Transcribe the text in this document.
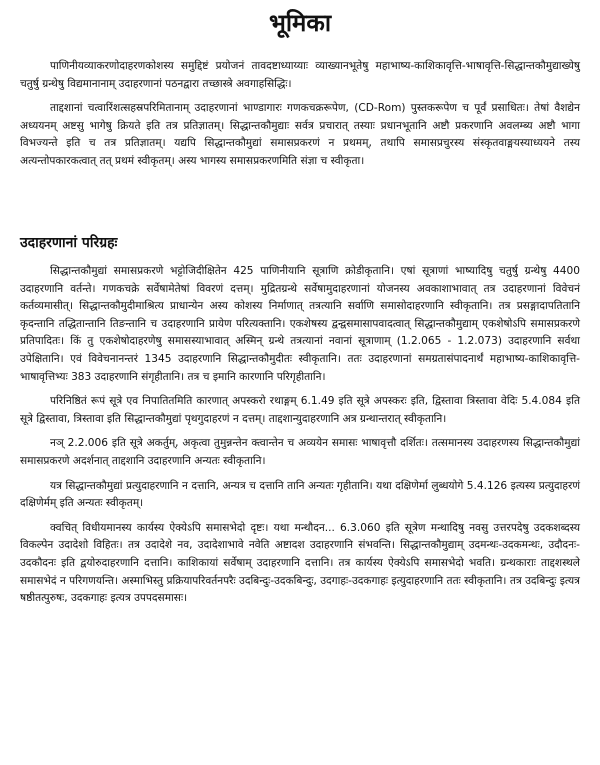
भूमिका

पाणिनीयव्याकरणोदाहरणकोशस्य समुद्दिष्टं प्रयोजनं तावदष्टाध्याय्याः व्याख्यानभूतेषु महाभाष्य-काशिकावृत्ति-भाषावृत्ति-सिद्धान्तकौमुद्याख्येषु चतुर्षु ग्रन्थेषु विद्यमानानाम् उदाहरणानां पठनद्वारा तच्छास्त्रे अवगाहसिद्धिः।

ताद्दशानां चत्वारिंशत्सहस्रपरिमितानाम् उदाहरणानां भाण्डागारः गणकचक्ररूपेण, (CD-Rom) पुस्तकरूपेण च पूर्वं प्रसाधितः। तेषां वैशद्येन अध्ययनम् अष्टसु भागेषु क्रियते इति तत्र प्रतिज्ञातम्। सिद्धान्तकौमुद्याः सर्वत्र प्रचारात् तस्याः प्रधानभूतानि अष्टौ प्रकरणानि अवलम्ब्य अष्टौ भागा विभज्यन्ते इति च तत्र प्रतिज्ञातम्। यद्यपि सिद्धान्तकौमुद्यां समासप्रकरणं न प्रथमम्, तथापि समासप्रचुरस्य संस्कृतवाङ्मयस्याध्ययने तस्य अत्यन्तोपकारकत्वात् तत् प्रथमं स्वीकृतम्। अस्य भागस्य समासप्रकरणमिति संज्ञा च स्वीकृता।

उदाहरणानां परिग्रहः

सिद्धान्तकौमुद्यां समासप्रकरणे भट्टोजिदीक्षितेन 425 पाणिनीयानि सूत्राणि क्रोडीकृतानि। एषां सूत्राणां भाष्यादिषु चतुर्षु ग्रन्थेषु 4400 उदाहरणानि वर्तन्ते। गणकचक्रे सर्वेषामेतेषां विवरणं दत्तम्। मुद्रितग्रन्थे सर्वेषामुदाहरणानां योजनस्य अवकाशाभावात् तत्र उदाहरणानां विवेचनं कर्तव्यमासीत्। सिद्धान्तकौमुदीमाश्रित्य प्राधान्येन अस्य कोशस्य निर्माणात् तत्रत्यानि सर्वाणि समासोदाहरणानि स्वीकृतानि। तत्र प्रसङ्गादापतितानि कृदन्तानि तद्धितान्तानि तिङन्तानि च उदाहरणानि प्रायेण परित्यक्तानि। एकशेषस्य द्वन्द्वसमासापवादत्वात् सिद्धान्तकौमुद्याम् एकशेषोऽपि समासप्रकरणे प्रतिपादितः। किं तु एकशेषोदाहरणेषु समासस्याभावात् अस्मिन् ग्रन्थे तत्रत्यानां नवानां सूत्राणाम् (1.2.065 - 1.2.073) उदाहरणानि सर्वथा उपेक्षितानि। एवं विवेचनानन्तरं 1345 उदाहरणानि सिद्धान्तकौमुदीतः स्वीकृतानि। ततः उदाहरणानां समग्रतासंपादनार्थं महाभाष्य-काशिकावृत्ति-भाषावृत्तिभ्यः 383 उदाहरणानि संगृहीतानि। तत्र च इमानि कारणानि परिगृहीतानि।

परिनिष्ठितं रूपं सूत्रे एव निपातितमिति कारणात् अपस्करो रथाङ्गम् 6.1.49 इति सूत्रे अपस्करः इति, द्विस्तावा त्रिस्तावा वेदिः 5.4.084 इति सूत्रे द्विस्तावा, त्रिस्तावा इति सिद्धान्तकौमुद्यां पृथगुदाहरणं न दत्तम्। ताद्दशान्युदाहरणानि अत्र ग्रन्थान्तरात् स्वीकृतानि।

नञ् 2.2.006 इति सूत्रे अकर्तुम्, अकृत्वा तुमुन्नन्तेन क्त्वान्तेन च अव्ययेन समासः भाषावृत्तौ दर्शितः। तत्समानस्य उदाहरणस्य सिद्धान्तकौमुद्यां समासप्रकरणे अदर्शनात् ताद्दशानि उदाहरणानि अन्यतः स्वीकृतानि।

यत्र सिद्धान्तकौमुद्यां प्रत्युदाहरणानि न दत्तानि, अन्यत्र च दत्तानि तानि अन्यतः गृहीतानि। यथा दक्षिणेर्मा लुब्धयोगे 5.4.126 इत्यस्य प्रत्युदाहरणं दक्षिणेर्मम् इति अन्यतः स्वीकृतम्।

क्वचित् विधीयमानस्य कार्यस्य ऐक्येऽपि समासभेदो दृष्टः। यथा मन्थौदन... 6.3.060 इति सूत्रेण मन्थादिषु नवसु उत्तरपदेषु उदकशब्दस्य विकल्पेन उदादेशो विहितः। तत्र उदादेशे नव, उदादेशाभावे नवेति अष्टादश उदाहरणानि संभवन्ति। सिद्धान्तकौमुद्याम् उदमन्थः-उदकमन्थः, उदौदनः-उदकौदनः इति द्वयोरुदाहरणानि दत्तानि। काशिकायां सर्वेषाम् उदाहरणानि दत्तानि। तत्र कार्यस्य ऐक्येऽपि समासभेदो भवति। ग्रन्थकाराः ताद्दशस्थले समासभेदं न परिगणयन्ति। अस्माभिस्तु प्रक्रियापरिवर्तनपरैः उदबिन्दुः-उदकबिन्दुः, उदगाहः-उदकगाहः इत्युदाहरणानि ततः स्वीकृतानि। तत्र उदबिन्दुः इत्यत्र षष्ठीतत्पुरुषः, उदकगाहः इत्यत्र उपपदसमासः।
